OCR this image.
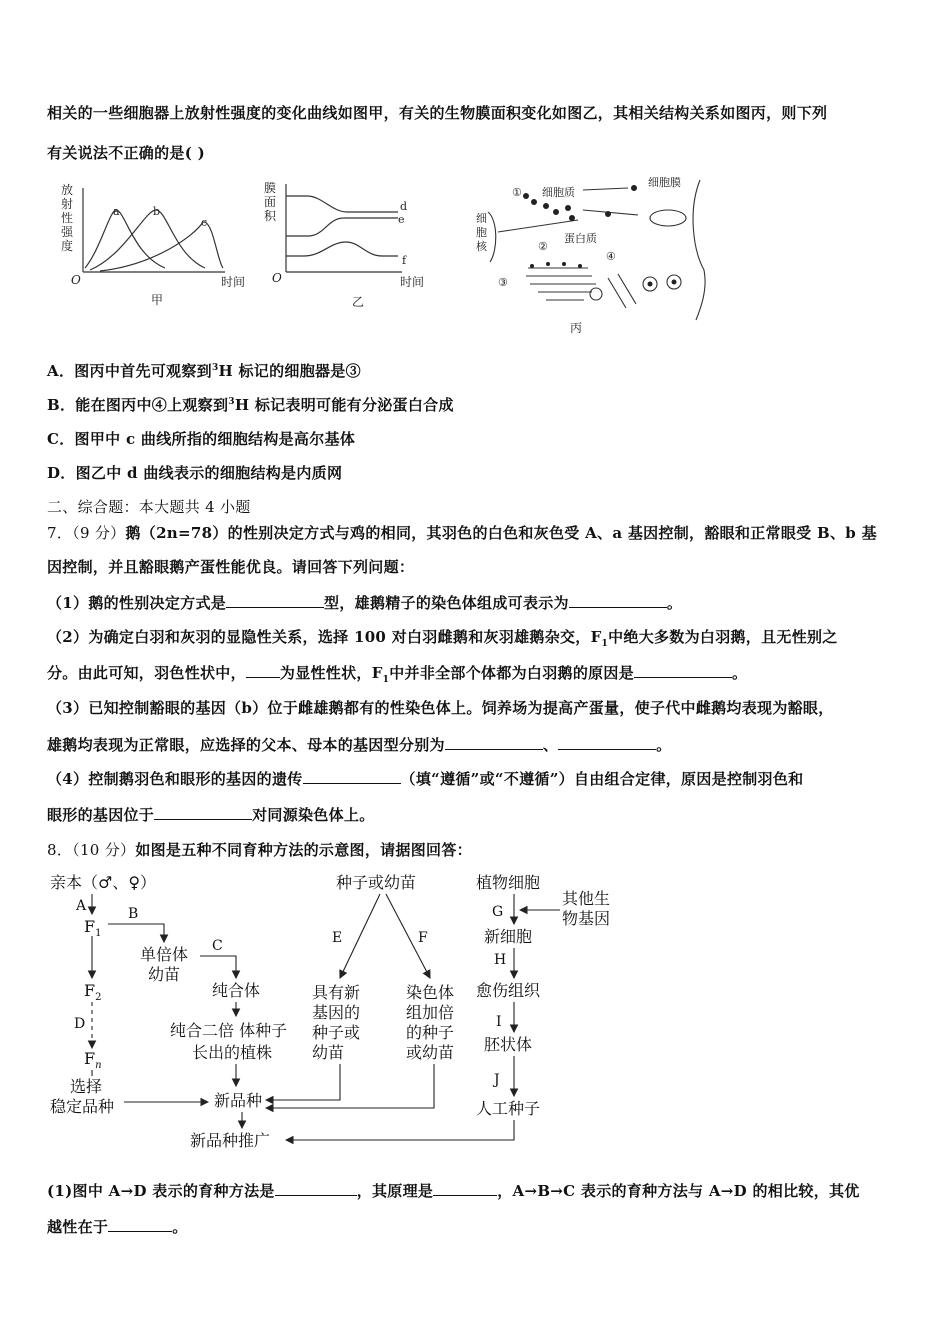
相关的一些细胞器上放射性强度的变化曲线如图甲，有关的生物膜面积变化如图乙，其相关结构关系如图丙，则下列
有关说法不正确的是( )
放
射
性
强
度
O	时间
a	b
c
甲
膜
面
积
O	时间
d
e
f
乙
① 细胞质
细胞膜
蛋白质
细
胞
核	②
③
④
丙
A．图丙中首先可观察到$^3$H 标记的细胞器是③
B．能在图丙中④上观察到$^3$H 标记表明可能有分泌蛋白合成
C．图甲中 c 曲线所指的细胞结构是高尔基体
D．图乙中 d 曲线表示的细胞结构是内质网
二、综合题：本大题共 4 小题
7．（9 分）鹅（2n=78）的性别决定方式与鸡的相同，其羽色的白色和灰色受 A、a 基因控制，豁眼和正常眼受 B、b 基
因控制，并且豁眼鹅产蛋性能优良。请回答下列问题：
（1）鹅的性别决定方式是	型，雄鹅精子的染色体组成可表示为	。
（2）为确定白羽和灰羽的显隐性关系，选择 100 对白羽雌鹅和灰羽雄鹅杂交，$F_1$中绝大多数为白羽鹅，且无性别之
分。由此可知，羽色性状中， 为显性性状，$F_1$中并非全部个体都为白羽鹅的原因是	。
（3）已知控制豁眼的基因（b）位于雌雄鹅都有的性染色体上。饲养场为提高产蛋量，使子代中雌鹅均表现为豁眼，
雄鹅均表现为正常眼，应选择的父本、母本的基因型分别为	、	。
（4）控制鹅羽色和眼形的基因的遗传	（填“遵循”或“不遵循”）自由组合定律，原因是控制羽色和
眼形的基因位于	对同源染色体上。
8．（10 分）如图是五种不同育种方法的示意图，请据图回答：
亲本（♂、♀）
A
$F_1$
B
单倍体
幼苗
C
纯合体
纯合二倍 体种子
长出的植株
$F_2$
D
$F_n$
选择
稳定品种	新品种
新品种推广
种子或幼苗
E	F
具有新
基因的
种子或
幼苗
染色体
组加倍
的种子
或幼苗
植物细胞
G
其他生
物基因
新细胞
H
愈伤组织
I
胚状体
J
人工种子
(1)图中 A→D 表示的育种方法是	，其原理是	，A→B→C 表示的育种方法与 A→D 的相比较，其优
越性在于	。
